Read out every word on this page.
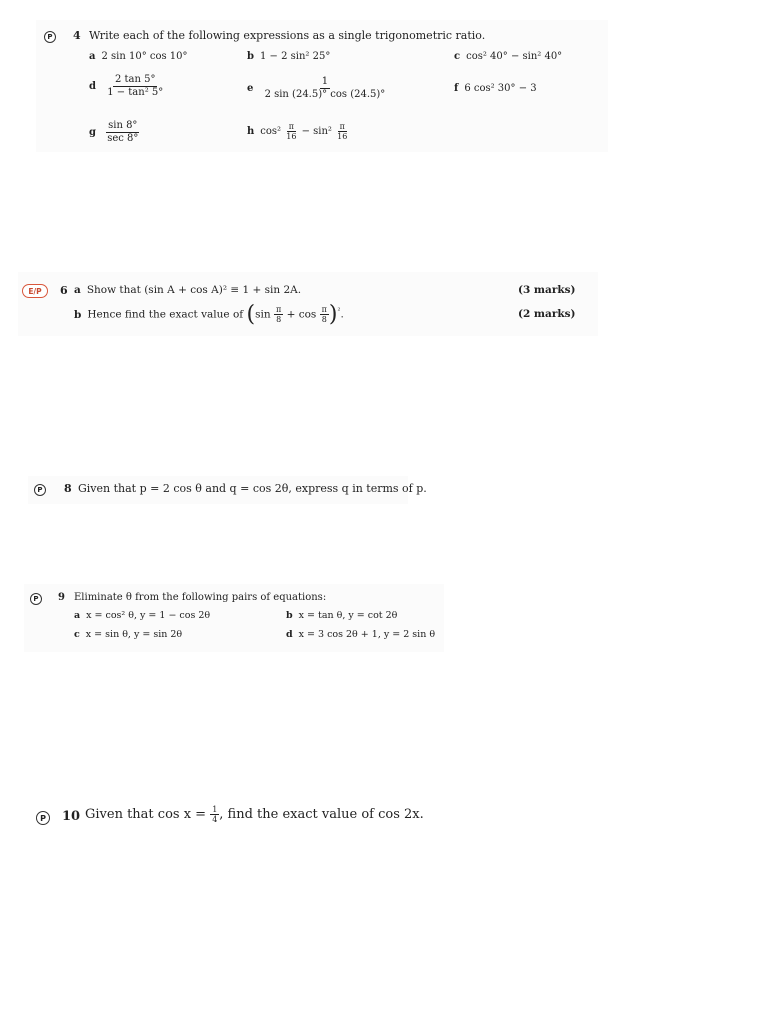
P	4 Write each of the following expressions as a single trigonometric ratio.
a 2 sin 10° cos 10°	b 1 − 2 sin² 25°	c cos² 40° − sin² 40°
d $\frac{2 \tan 5^\circ}{\text{1 − tan² 5°}}$	e $\frac{1}{2 \sin (24.5)^\circ \cos (24.5)^\circ}$	f 6 cos² 30° − 3
g $\frac{\sin 8^\circ}{\sec 8^\circ}$	h $\cos^2 \frac{\pi}{16} - \sin^2 \frac{\pi}{16}$
E/P	6 a Show that (sin A + cos A)² ≡ 1 + sin 2A.	(3 marks)
b Hence find the exact value of $(\sin \frac{\pi}{8} + \cos \frac{\pi}{8} )^{^2}$.	(2 marks)
P	8 Given that p = 2 cos θ and q = cos 2θ, express q in terms of p.
P	9 Eliminate θ from the following pairs of equations:
a x = cos² θ, y = 1 − cos 2θ	b x = tan θ, y = cot 2θ
c x = sin θ, y = sin 2θ	d x = 3 cos 2θ + 1, y = 2 sin θ
P	10 Given that $\cos x = \frac{1}{4}$ , find the exact value of cos 2x.
